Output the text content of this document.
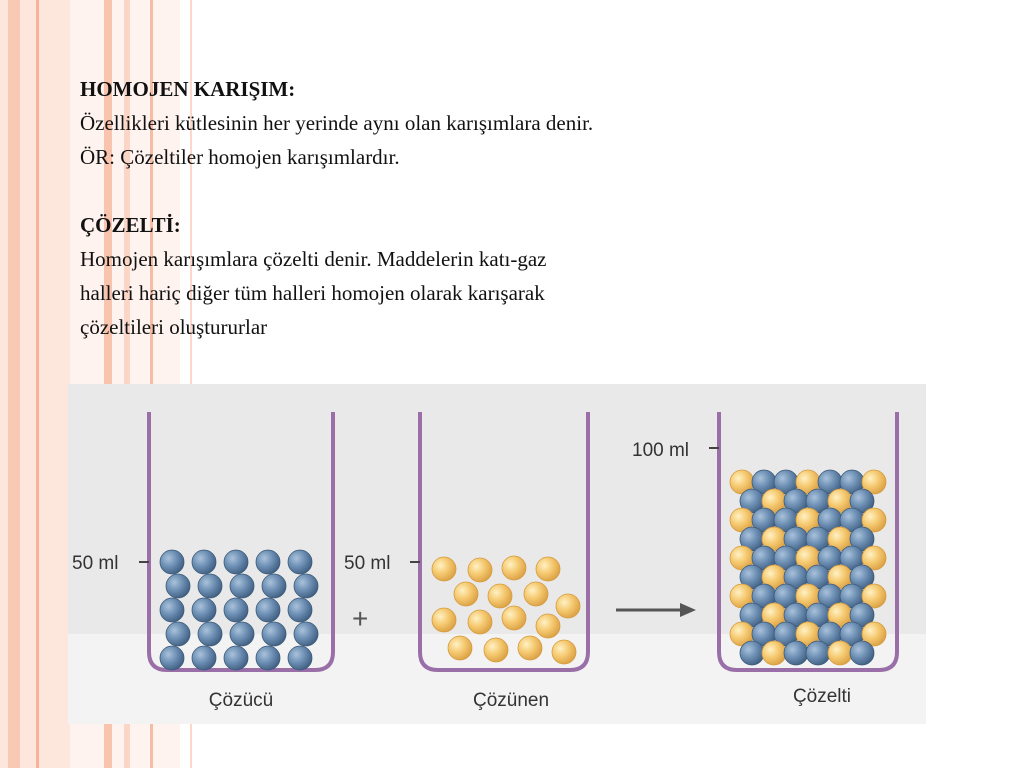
HOMOJEN KARIŞIM:
Özellikleri kütlesinin her yerinde aynı olan karışımlara denir.
ÖR: Çözeltiler homojen karışımlardır.
ÇÖZELTİ:
Homojen karışımlara çözelti denir. Maddelerin katı-gaz
halleri hariç diğer tüm halleri homojen olarak karışarak
çözeltileri oluştururlar
50 ml	50 ml
100 ml
+
Çözücü	Çözünen	Çözelti
